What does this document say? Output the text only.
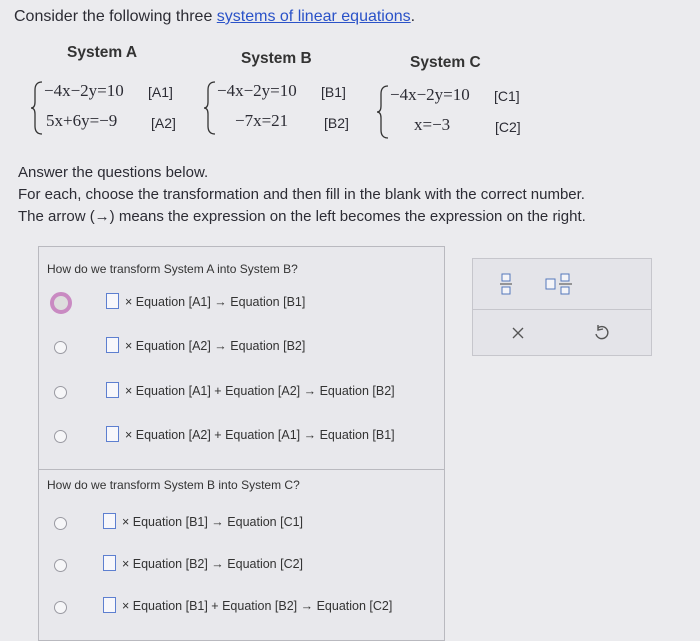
Consider the following three systems of linear equations.
System A	System B	System C
−4x−2y=10 [A1]
5x+6y=−9 [A2]
−4x−2y=10 [B1]
−7x=21	[B2]
−4x−2y=10 [C1]
x=−3	[C2]
Answer the questions below.
For each, choose the transformation and then fill in the blank with the correct number.
The arrow (→) means the expression on the left becomes the expression on the right.
How do we transform System A into System B?
× Equation [A1] → Equation [B1]
× Equation [A2] → Equation [B2]
× Equation [A1] + Equation [A2] → Equation [B2]
× Equation [A2] + Equation [A1] → Equation [B1]
How do we transform System B into System C?
× Equation [B1] → Equation [C1]
× Equation [B2] → Equation [C2]
× Equation [B1] + Equation [B2] → Equation [C2]
